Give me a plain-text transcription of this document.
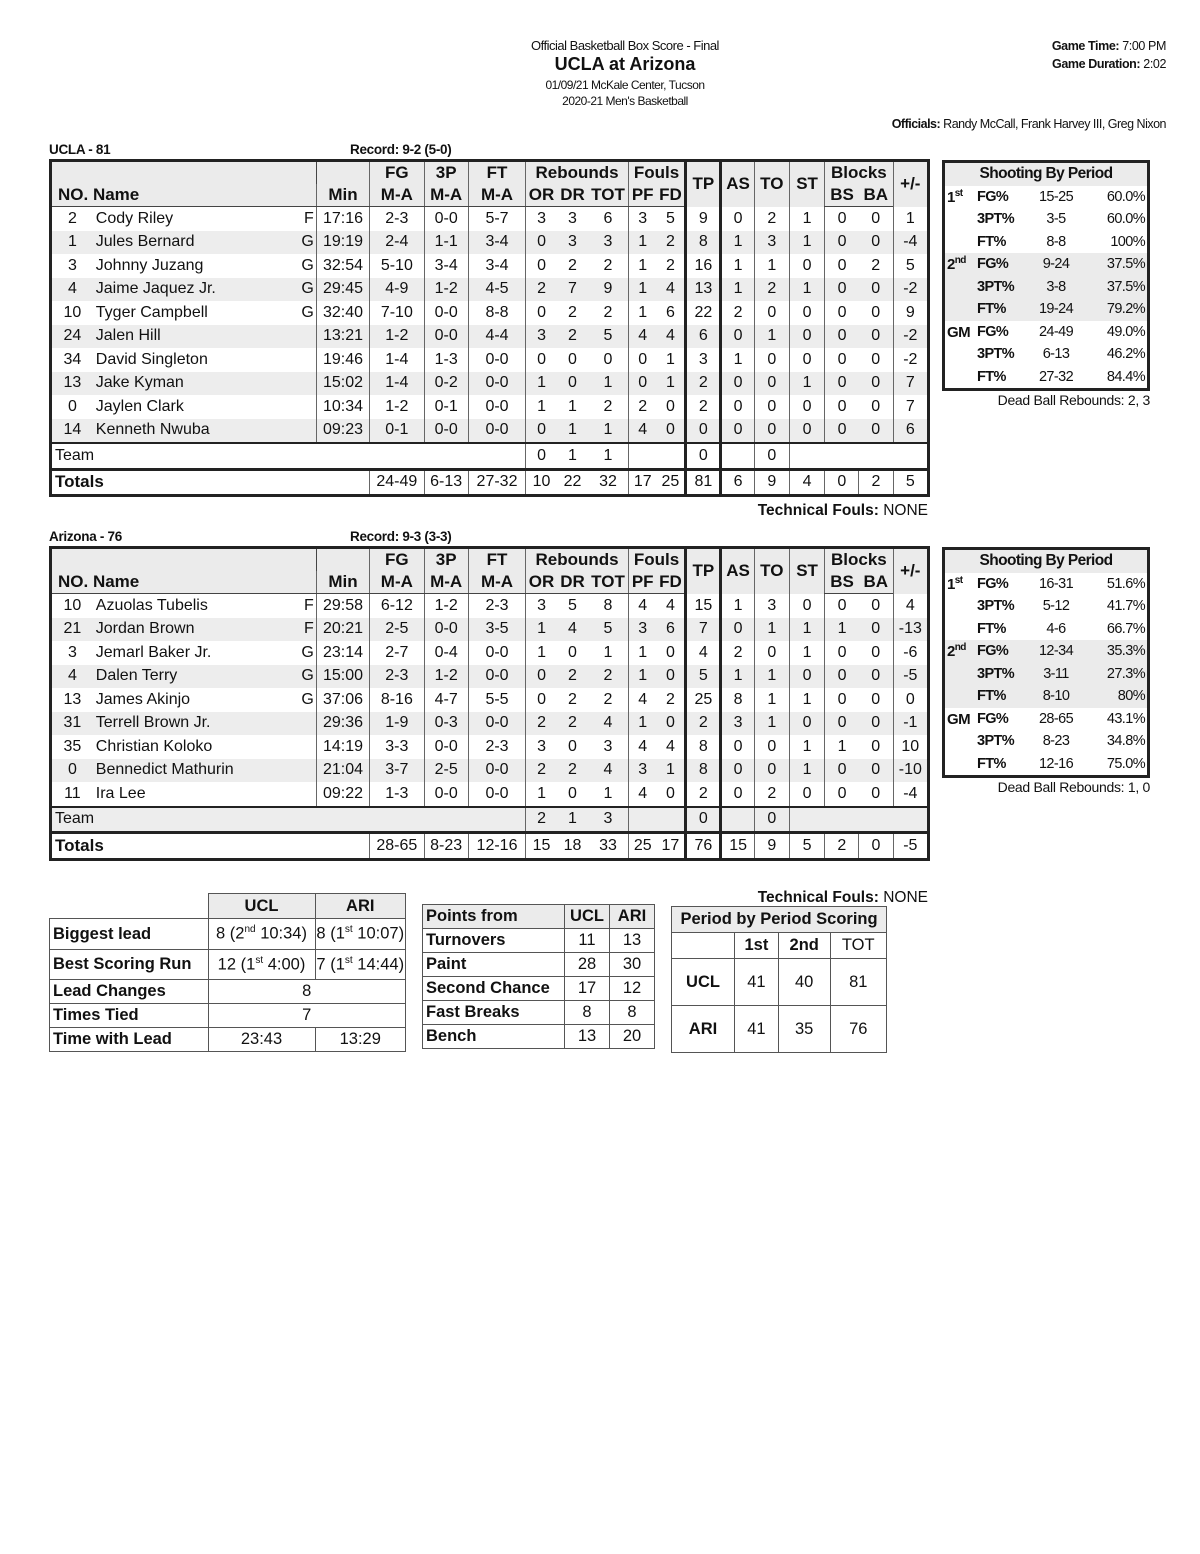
Official Basketball Box Score - Final
UCLA at Arizona
01/09/21 McKale Center, Tucson
2020-21 Men's Basketball
Game Time: 7:00 PM
Game Duration: 2:02
Officials: Randy McCall, Frank Harvey III, Greg Nixon
UCLA - 81	Record: 9-2 (5-0)
			FG	3P	FT	Rebounds			Fouls		TP	AS	TO	ST	Blocks		+/-
NO. Name		Min	M-A	M-A	M-A	OR	DR	TOT	PF	FD					BS	BA	
2	Cody Riley F	17:16	2-3	0-0	5-7	3	3	6	3	5	9	0	2	1	0	0	1
1	Jules Bernard G	19:19	2-4	1-1	3-4	0	3	3	1	2	8	1	3	1	0	0	-4
3	Johnny Juzang G	32:54	5-10	3-4	3-4	0	2	2	1	2	16	1	1	0	0	2	5
4	Jaime Jaquez Jr. G	29:45	4-9	1-2	4-5	2	7	9	1	4	13	1	2	1	0	0	-2
10	Tyger Campbell G	32:40	7-10	0-0	8-8	0	2	2	1	6	22	2	0	0	0	0	9
24	Jalen Hill	13:21	1-2	0-0	4-4	3	2	5	4	4	6	0	1	0	0	0	-2
34	David Singleton	19:46	1-4	1-3	0-0	0	0	0	0	1	3	1	0	0	0	0	-2
13	Jake Kyman	15:02	1-4	0-2	0-0	1	0	1	0	1	2	0	0	1	0	0	7
0	Jaylen Clark	10:34	1-2	0-1	0-0	1	1	2	2	0	2	0	0	0	0	0	7
14	Kenneth Nwuba	09:23	0-1	0-0	0-0	0	1	1	4	0	0	0	0	0	0	0	6
Team						0	1	1			0		0				
Totals			24-49	6-13	27-32	10	22	32	17	25	81	6	9	4	0	2	5
Technical Fouls: NONE
Shooting By Period			
1st	FG%	15-25	60.0%
	3PT%	3-5	60.0%
	FT%	8-8	100%
2nd	FG%	9-24	37.5%
	3PT%	3-8	37.5%
	FT%	19-24	79.2%
GM	FG%	24-49	49.0%
	3PT%	6-13	46.2%
	FT%	27-32	84.4%
Dead Ball Rebounds: 2, 3
Arizona - 76	Record: 9-3 (3-3)
			FG	3P	FT	Rebounds			Fouls		TP	AS	TO	ST	Blocks		+/-
NO. Name		Min	M-A	M-A	M-A	OR	DR	TOT	PF	FD					BS	BA	
10	Azuolas Tubelis F	29:58	6-12	1-2	2-3	3	5	8	4	4	15	1	3	0	0	0	4
21	Jordan Brown F	20:21	2-5	0-0	3-5	1	4	5	3	6	7	0	1	1	1	0	-13
3	Jemarl Baker Jr. G	23:14	2-7	0-4	0-0	1	0	1	1	0	4	2	0	1	0	0	-6
4	Dalen Terry G	15:00	2-3	1-2	0-0	0	2	2	1	0	5	1	1	0	0	0	-5
13	James Akinjo G	37:06	8-16	4-7	5-5	0	2	2	4	2	25	8	1	1	0	0	0
31	Terrell Brown Jr.	29:36	1-9	0-3	0-0	2	2	4	1	0	2	3	1	0	0	0	-1
35	Christian Koloko	14:19	3-3	0-0	2-3	3	0	3	4	4	8	0	0	1	1	0	10
0	Bennedict Mathurin	21:04	3-7	2-5	0-0	2	2	4	3	1	8	0	0	1	0	0	-10
11	Ira Lee	09:22	1-3	0-0	0-0	1	0	1	4	0	2	0	2	0	0	0	-4
Team						2	1	3			0		0				
Totals			28-65	8-23	12-16	15	18	33	25	17	76	15	9	5	2	0	-5
Technical Fouls: NONE
Shooting By Period			
1st	FG%	16-31	51.6%
	3PT%	5-12	41.7%
	FT%	4-6	66.7%
2nd	FG%	12-34	35.3%
	3PT%	3-11	27.3%
	FT%	8-10	80%
GM	FG%	28-65	43.1%
	3PT%	8-23	34.8%
	FT%	12-16	75.0%
Dead Ball Rebounds: 1, 0
	UCL	ARI
Biggest lead	8 (2nd 10:34)	8 (1st 10:07)
Best Scoring Run	12 (1st 4:00)	7 (1st 14:44)
Lead Changes	8	
Times Tied	7	
Time with Lead	23:43	13:29
Points from	UCL	ARI
Turnovers	11	13
Paint	28	30
Second Chance	17	12
Fast Breaks	8	8
Bench	13	20
Period by Period Scoring			
	1st	2nd	TOT
UCL	41	40	81
ARI	41	35	76
